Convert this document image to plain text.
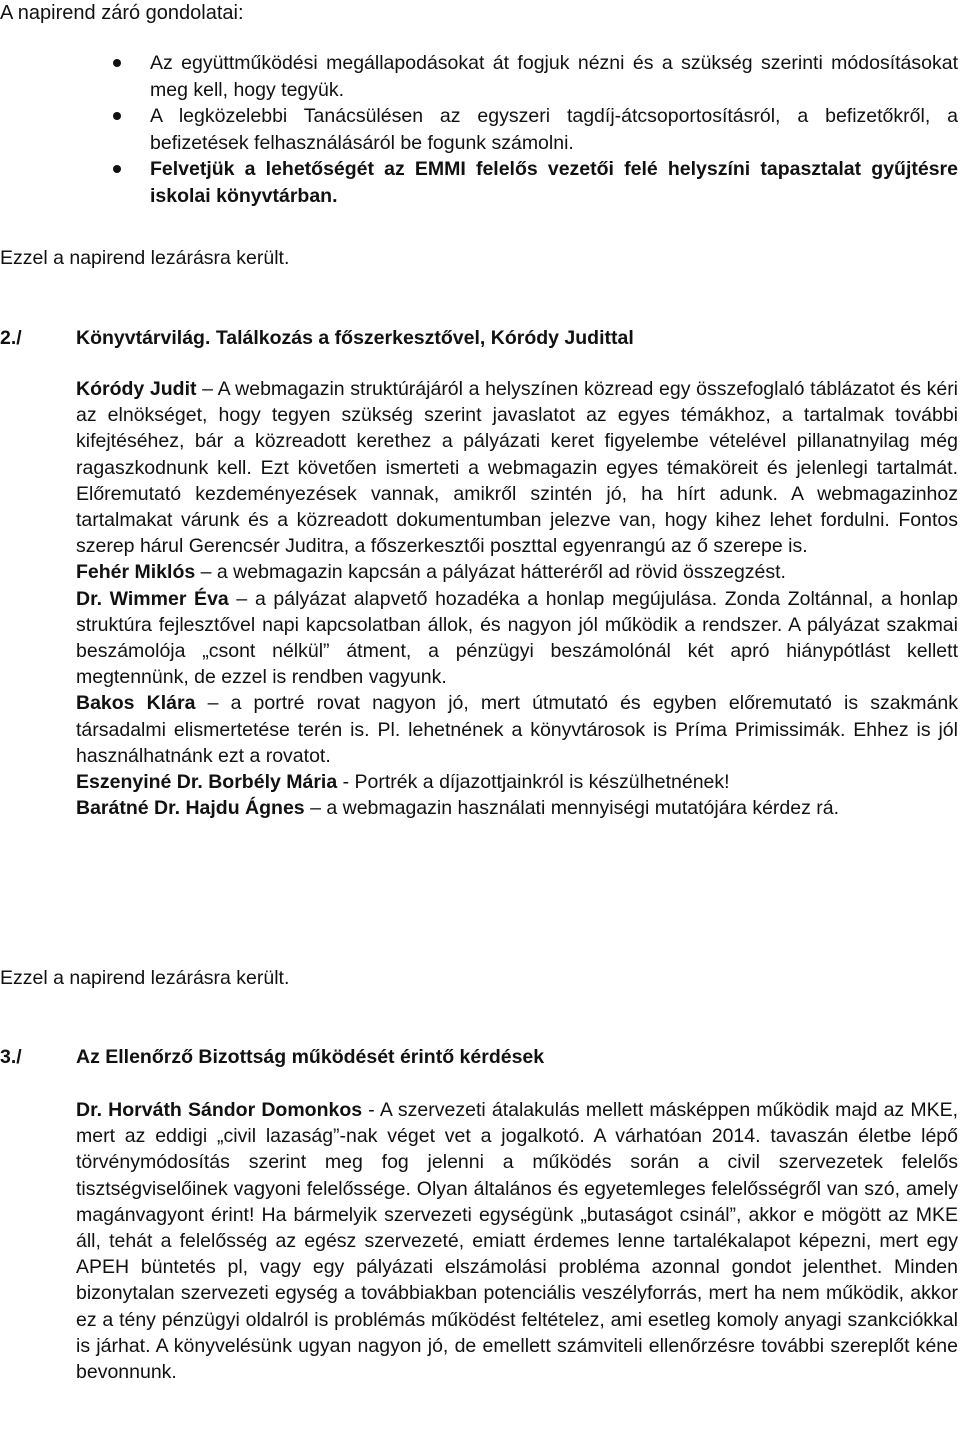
A napirend záró gondolatai:
Az együttműködési megállapodásokat át fogjuk nézni és a szükség szerinti módosításokat meg kell, hogy tegyük.
A legközelebbi Tanácsülésen az egyszeri tagdíj-átcsoportosításról, a befizetőkről, a befizetések felhasználásáról be fogunk számolni.
Felvetjük a lehetőségét az EMMI felelős vezetői felé helyszíni tapasztalat gyűjtésre iskolai könyvtárban.
Ezzel a napirend lezárásra került.
2./	Könyvtárvilág. Találkozás a főszerkesztővel, Kóródy Judittal

Kóródy Judit – A webmagazin struktúrájáról a helyszínen közread egy összefoglaló táblázatot és kéri az elnökséget, hogy tegyen szükség szerint javaslatot az egyes témákhoz, a tartalmak további kifejtéséhez, bár a közreadott kerethez a pályázati keret figyelembe vételével pillanatnyilag még ragaszkodnunk kell. Ezt követően ismerteti a webmagazin egyes témaköreit és jelenlegi tartalmát. Előremutató kezdeményezések vannak, amikről szintén jó, ha hírt adunk. A webmagazinhoz tartalmakat várunk és a közreadott dokumentumban jelezve van, hogy kihez lehet fordulni. Fontos szerep hárul Gerencsér Juditra, a főszerkesztői poszttal egyenrangú az ő szerepe is.

Fehér Miklós – a webmagazin kapcsán a pályázat hátteréről ad rövid összegzést.

Dr. Wimmer Éva – a pályázat alapvető hozadéka a honlap megújulása. Zonda Zoltánnal, a honlap struktúra fejlesztővel napi kapcsolatban állok, és nagyon jól működik a rendszer. A pályázat szakmai beszámolója „csont nélkül” átment, a pénzügyi beszámolónál két apró hiánypótlást kellett megtennünk, de ezzel is rendben vagyunk.

Bakos Klára – a portré rovat nagyon jó, mert útmutató és egyben előremutató is szakmánk társadalmi elismertetése terén is. Pl. lehetnének a könyvtárosok is Príma Primissimák. Ehhez is jól használhatnánk ezt a rovatot.

Eszenyiné Dr. Borbély Mária - Portrék a díjazottjainkról is készülhetnének!

Barátné Dr. Hajdu Ágnes – a webmagazin használati mennyiségi mutatójára kérdez rá.

Ezzel a napirend lezárásra került.
3./	Az Ellenőrző Bizottság működését érintő kérdések

Dr. Horváth Sándor Domonkos - A szervezeti átalakulás mellett másképpen működik majd az MKE, mert az eddigi „civil lazaság”-nak véget vet a jogalkotó. A várhatóan 2014. tavaszán életbe lépő törvénymódosítás szerint meg fog jelenni a működés során a civil szervezetek felelős tisztségviselőinek vagyoni felelőssége. Olyan általános és egyetemleges felelősségről van szó, amely magánvagyont érint! Ha bármelyik szervezeti egységünk „butaságot csinál”, akkor e mögött az MKE áll, tehát a felelősség az egész szervezeté, emiatt érdemes lenne tartalékalapot képezni, mert egy APEH büntetés pl, vagy egy pályázati elszámolási probléma azonnal gondot jelenthet. Minden bizonytalan szervezeti egység a továbbiakban potenciális veszélyforrás, mert ha nem működik, akkor ez a tény pénzügyi oldalról is problémás működést feltételez, ami esetleg komoly anyagi szankciókkal is járhat. A könyvelésünk ugyan nagyon jó, de emellett számviteli ellenőrzésre további szereplőt kéne bevonnunk.
